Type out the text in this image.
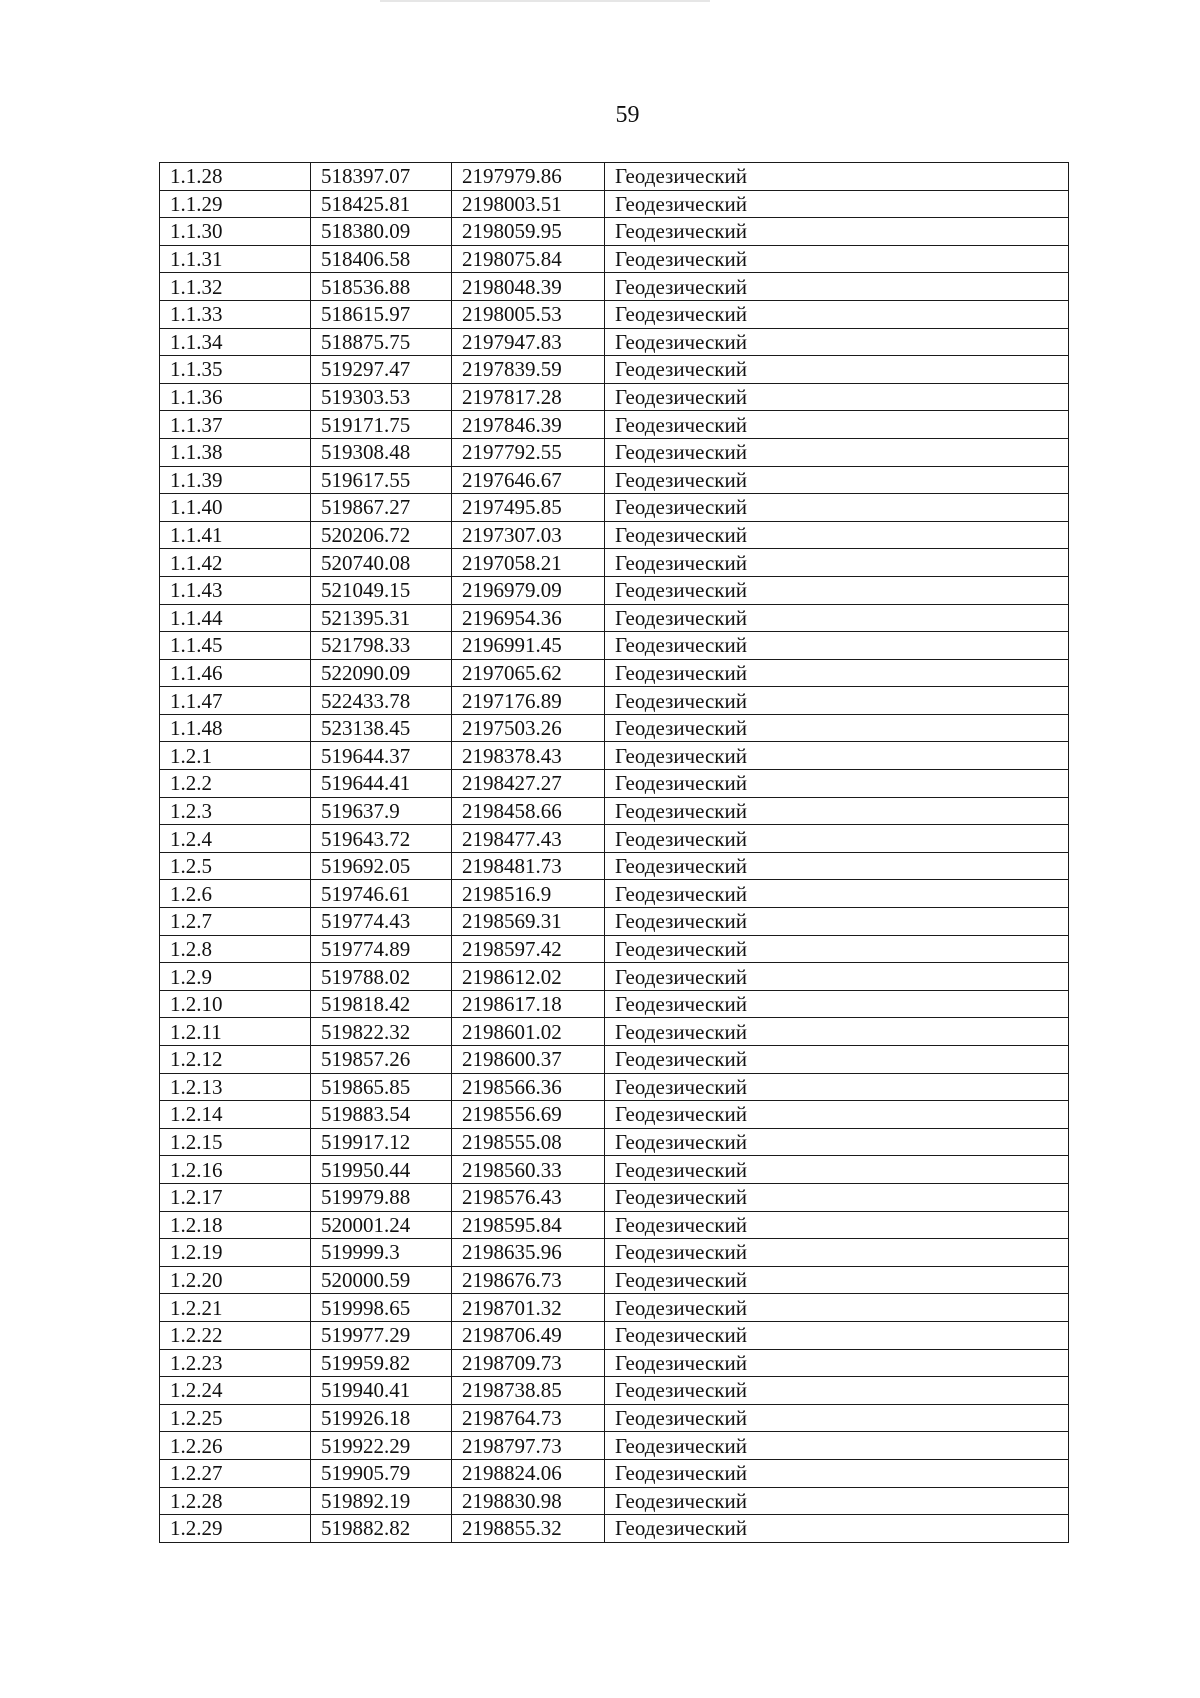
59
1.1.28	518397.07	2197979.86	Геодезический
1.1.29	518425.81	2198003.51	Геодезический
1.1.30	518380.09	2198059.95	Геодезический
1.1.31	518406.58	2198075.84	Геодезический
1.1.32	518536.88	2198048.39	Геодезический
1.1.33	518615.97	2198005.53	Геодезический
1.1.34	518875.75	2197947.83	Геодезический
1.1.35	519297.47	2197839.59	Геодезический
1.1.36	519303.53	2197817.28	Геодезический
1.1.37	519171.75	2197846.39	Геодезический
1.1.38	519308.48	2197792.55	Геодезический
1.1.39	519617.55	2197646.67	Геодезический
1.1.40	519867.27	2197495.85	Геодезический
1.1.41	520206.72	2197307.03	Геодезический
1.1.42	520740.08	2197058.21	Геодезический
1.1.43	521049.15	2196979.09	Геодезический
1.1.44	521395.31	2196954.36	Геодезический
1.1.45	521798.33	2196991.45	Геодезический
1.1.46	522090.09	2197065.62	Геодезический
1.1.47	522433.78	2197176.89	Геодезический
1.1.48	523138.45	2197503.26	Геодезический
1.2.1	519644.37	2198378.43	Геодезический
1.2.2	519644.41	2198427.27	Геодезический
1.2.3	519637.9	2198458.66	Геодезический
1.2.4	519643.72	2198477.43	Геодезический
1.2.5	519692.05	2198481.73	Геодезический
1.2.6	519746.61	2198516.9	Геодезический
1.2.7	519774.43	2198569.31	Геодезический
1.2.8	519774.89	2198597.42	Геодезический
1.2.9	519788.02	2198612.02	Геодезический
1.2.10	519818.42	2198617.18	Геодезический
1.2.11	519822.32	2198601.02	Геодезический
1.2.12	519857.26	2198600.37	Геодезический
1.2.13	519865.85	2198566.36	Геодезический
1.2.14	519883.54	2198556.69	Геодезический
1.2.15	519917.12	2198555.08	Геодезический
1.2.16	519950.44	2198560.33	Геодезический
1.2.17	519979.88	2198576.43	Геодезический
1.2.18	520001.24	2198595.84	Геодезический
1.2.19	519999.3	2198635.96	Геодезический
1.2.20	520000.59	2198676.73	Геодезический
1.2.21	519998.65	2198701.32	Геодезический
1.2.22	519977.29	2198706.49	Геодезический
1.2.23	519959.82	2198709.73	Геодезический
1.2.24	519940.41	2198738.85	Геодезический
1.2.25	519926.18	2198764.73	Геодезический
1.2.26	519922.29	2198797.73	Геодезический
1.2.27	519905.79	2198824.06	Геодезический
1.2.28	519892.19	2198830.98	Геодезический
1.2.29	519882.82	2198855.32	Геодезический
